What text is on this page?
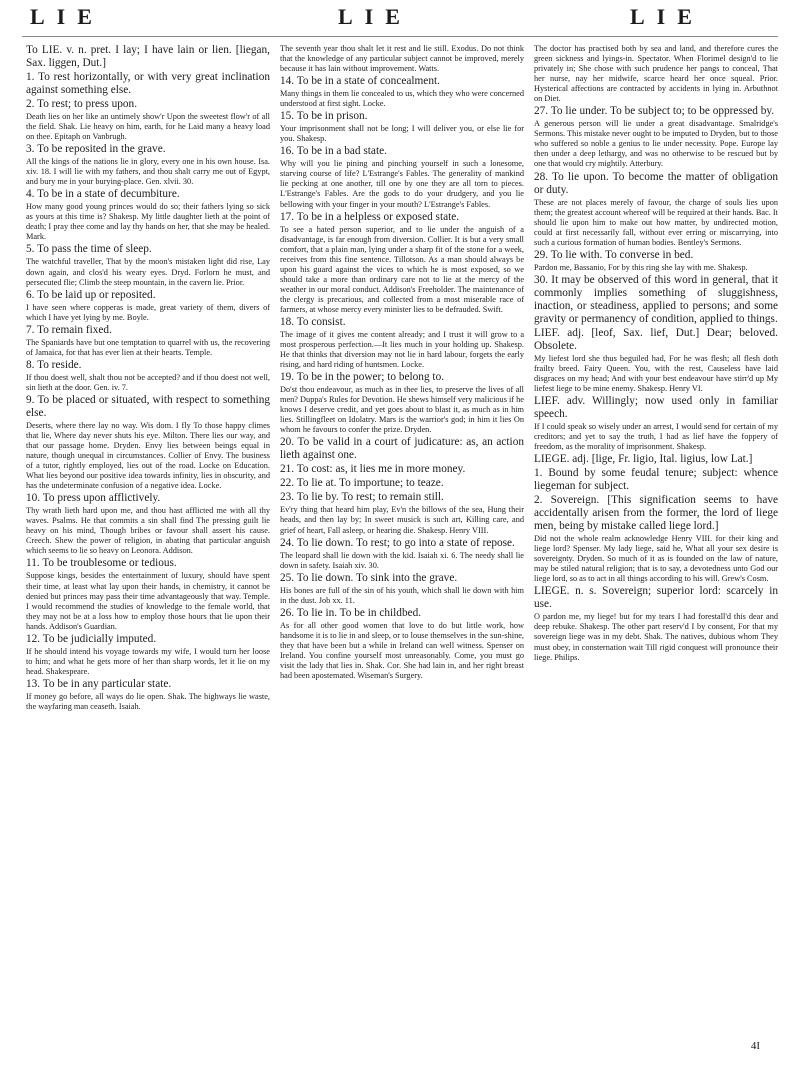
LIE	LIE	LIE

To LIE. v. n. pret. I lay; I have lain or lien. [liegan, Sax. liggen, Dut.]

1. To rest horizontally, or with very great inclination against something else.

2. To rest; to press upon.

Death lies on her like an untimely show'r Upon the sweetest flow'r of all the field. Shak. Lie heavy on him, earth, for he Laid many a heavy load on thee. Epitaph on Vanbrugh.

3. To be reposited in the grave.

All the kings of the nations lie in glory, every one in his own house. Isa. xiv. 18. I will lie with my fathers, and thou shalt carry me out of Egypt, and bury me in your burying-place. Gen. xlvii. 30.

4. To be in a state of decumbiture.

How many good young princes would do so; their fathers lying so sick as yours at this time is? Shakesp. My little daughter lieth at the point of death; I pray thee come and lay thy hands on her, that she may be healed. Mark.

5. To pass the time of sleep.

The watchful traveller, That by the moon's mistaken light did rise, Lay down again, and clos'd his weary eyes. Dryd. Forlorn he must, and persecuted flie; Climb the steep mountain, in the cavern lie. Prior.

6. To be laid up or reposited.

I have seen where copperas is made, great variety of them, divers of which I have yet lying by me. Boyle.

7. To remain fixed.

The Spaniards have but one temptation to quarrel with us, the recovering of Jamaica, for that has ever lien at their hearts. Temple.

8. To reside.

If thou doest well, shalt thou not be accepted? and if thou doest not well, sin lieth at the door. Gen. iv. 7.

9. To be placed or situated, with respect to something else.

Deserts, where there lay no way. Wis dom. I fly To those happy climes that lie, Where day never shuts his eye. Milton. There lies our way, and that our passage home. Dryden. Envy lies between beings equal in nature, though unequal in circumstances. Collier of Envy. The business of a tutor, rightly employed, lies out of the road. Locke on Education. What lies beyond our positive idea towards infinity, lies in obscurity, and has the undeterminate confusion of a negative idea. Locke.

10. To press upon afflictively.

Thy wrath lieth hard upon me, and thou hast afflicted me with all thy waves. Psalms. He that commits a sin shall find The pressing guilt lie heavy on his mind, Though bribes or favour shall assert his cause. Creech. Shew the power of religion, in abating that particular anguish which seems to lie so heavy on Leonora. Addison.

11. To be troublesome or tedious.

Suppose kings, besides the entertainment of luxury, should have spent their time, at least what lay upon their hands, in chemistry, it cannot be denied but princes may pass their time advantageously that way. Temple. I would recommend the studies of knowledge to the female world, that they may not be at a loss how to employ those hours that lie upon their hands. Addison's Guardian.

12. To be judicially imputed.

If he should intend his voyage towards my wife, I would turn her loose to him; and what he gets more of her than sharp words, let it lie on my head. Shakespeare.

13. To be in any particular state.

If money go before, all ways do lie open. Shak. The highways lie waste, the wayfaring man ceaseth. Isaiah.

The seventh year thou shalt let it rest and lie still. Exodus. Do not think that the knowledge of any particular subject cannot be improved, merely because it has lain without improvement. Watts.

14. To be in a state of concealment.

Many things in them lie concealed to us, which they who were concerned understood at first sight. Locke.

15. To be in prison.

Your imprisonment shall not be long; I will deliver you, or else lie for you. Shakesp.

16. To be in a bad state.

Why will you lie pining and pinching yourself in such a lonesome, starving course of life? L'Estrange's Fables. The generality of mankind lie pecking at one another, till one by one they are all torn to pieces. L'Estrange's Fables. Are the gods to do your drudgery, and you lie bellowing with your finger in your mouth? L'Estrange's Fables.

17. To be in a helpless or exposed state.

To see a hated person superior, and to lie under the anguish of a disadvantage, is far enough from diversion. Collier. It is but a very small comfort, that a plain man, lying under a sharp fit of the stone for a week, receives from this fine sentence. Tillotson. As a man should always be upon his guard against the vices to which he is most exposed, so we should take a more than ordinary care not to lie at the mercy of the weather in our moral conduct. Addison's Freeholder. The maintenance of the clergy is precarious, and collected from a most miserable race of farmers, at whose mercy every minister lies to be defrauded. Swift.

18. To consist.

The image of it gives me content already; and I trust it will grow to a most prosperous perfection.—It lies much in your holding up. Shakesp. He that thinks that diversion may not lie in hard labour, forgets the early rising, and hard riding of huntsmen. Locke.

19. To be in the power; to belong to.

Do'st thou endeavour, as much as in thee lies, to preserve the lives of all men? Duppa's Rules for Devotion. He shews himself very malicious if he knows I deserve credit, and yet goes about to blast it, as much as in him lies. Stillingfleet on Idolatry. Mars is the warrior's god; in him it lies On whom he favours to confer the prize. Dryden.

20. To be valid in a court of judicature: as, an action lieth against one.

21. To cost: as, it lies me in more money.

22. To lie at. To importune; to teaze.

23. To lie by. To rest; to remain still.

Ev'ry thing that heard him play, Ev'n the billows of the sea, Hung their heads, and then lay by; In sweet musick is such art, Killing care, and grief of heart, Fall asleep, or hearing die. Shakesp. Henry VIII.

24. To lie down. To rest; to go into a state of repose.

The leopard shall lie down with the kid. Isaiah xi. 6. The needy shall lie down in safety. Isaiah xiv. 30.

25. To lie down. To sink into the grave.

His bones are full of the sin of his youth, which shall lie down with him in the dust. Job xx. 11.

26. To lie in. To be in childbed.

As for all other good women that love to do but little work, how handsome it is to lie in and sleep, or to louse themselves in the sun-shine, they that have been but a while in Ireland can well witness. Spenser on Ireland. You confine yourself most unreasonably. Come, you must go visit the lady that lies in. Shak. Cor. She had lain in, and her right breast had been apostemated. Wiseman's Surgery.

The doctor has practised both by sea and land, and therefore cures the green sickness and lyings-in. Spectator. When Florimel design'd to lie privately in; She chose with such prudence her pangs to conceal, That her nurse, nay her midwife, scarce heard her once squeal. Prior. Hysterical affections are contracted by accidents in lying in. Arbuthnot on Diet.

27. To lie under. To be subject to; to be oppressed by.

A generous person will lie under a great disadvantage. Smalridge's Sermons. This mistake never ought to be imputed to Dryden, but to those who suffered so noble a genius to lie under necessity. Pope. Europe lay then under a deep lethargy, and was no otherwise to be rescued but by one that would cry mightily. Atterbury.

28. To lie upon. To become the matter of obligation or duty.

These are not places merely of favour, the charge of souls lies upon them; the greatest account whereof will be required at their hands. Bac. It should lie upon him to make out how matter, by undirected motion, could at first necessarily fall, without ever erring or miscarrying, into such a curious formation of human bodies. Bentley's Sermons.

29. To lie with. To converse in bed.

Pardon me, Bassanio, For by this ring she lay with me. Shakesp.

30. It may be observed of this word in general, that it commonly implies something of sluggishness, inaction, or steadiness, applied to persons; and some gravity or permanency of condition, applied to things.

LIEF. adj. [leof, Sax. lief, Dut.] Dear; beloved. Obsolete.

My liefest lord she thus beguiled had, For he was flesh; all flesh doth frailty breed. Fairy Queen. You, with the rest, Causeless have laid disgraces on my head; And with your best endeavour have stirr'd up My liefest liege to be mine enemy. Shakesp. Henry VI.

LIEF. adv. Willingly; now used only in familiar speech.

If I could speak so wisely under an arrest, I would send for certain of my creditors; and yet to say the truth, I had as lief have the foppery of freedom, as the morality of imprisonment. Shakesp.

LIEGE. adj. [lige, Fr. ligio, Ital. ligius, low Lat.]

1. Bound by some feudal tenure; subject: whence liegeman for subject.

2. Sovereign. [This signification seems to have accidentally arisen from the former, the lord of liege men, being by mistake called liege lord.]

Did not the whole realm acknowledge Henry VIII. for their king and liege lord? Spenser. My lady liege, said he, What all your sex desire is sovereignty. Dryden. So much of it as is founded on the law of nature, may be stiled natural religion; that is to say, a devotedness unto God our liege lord, so as to act in all things according to his will. Grew's Cosm.

LIEGE. n. s. Sovereign; superior lord: scarcely in use.

O pardon me, my liege! but for my tears I had forestall'd this dear and deep rebuke. Shakesp. The other part reserv'd I by consent, For that my sovereign liege was in my debt. Shak. The natives, dubious whom They must obey, in consternation wait Till rigid conquest will pronounce their liege. Philips.

4I
